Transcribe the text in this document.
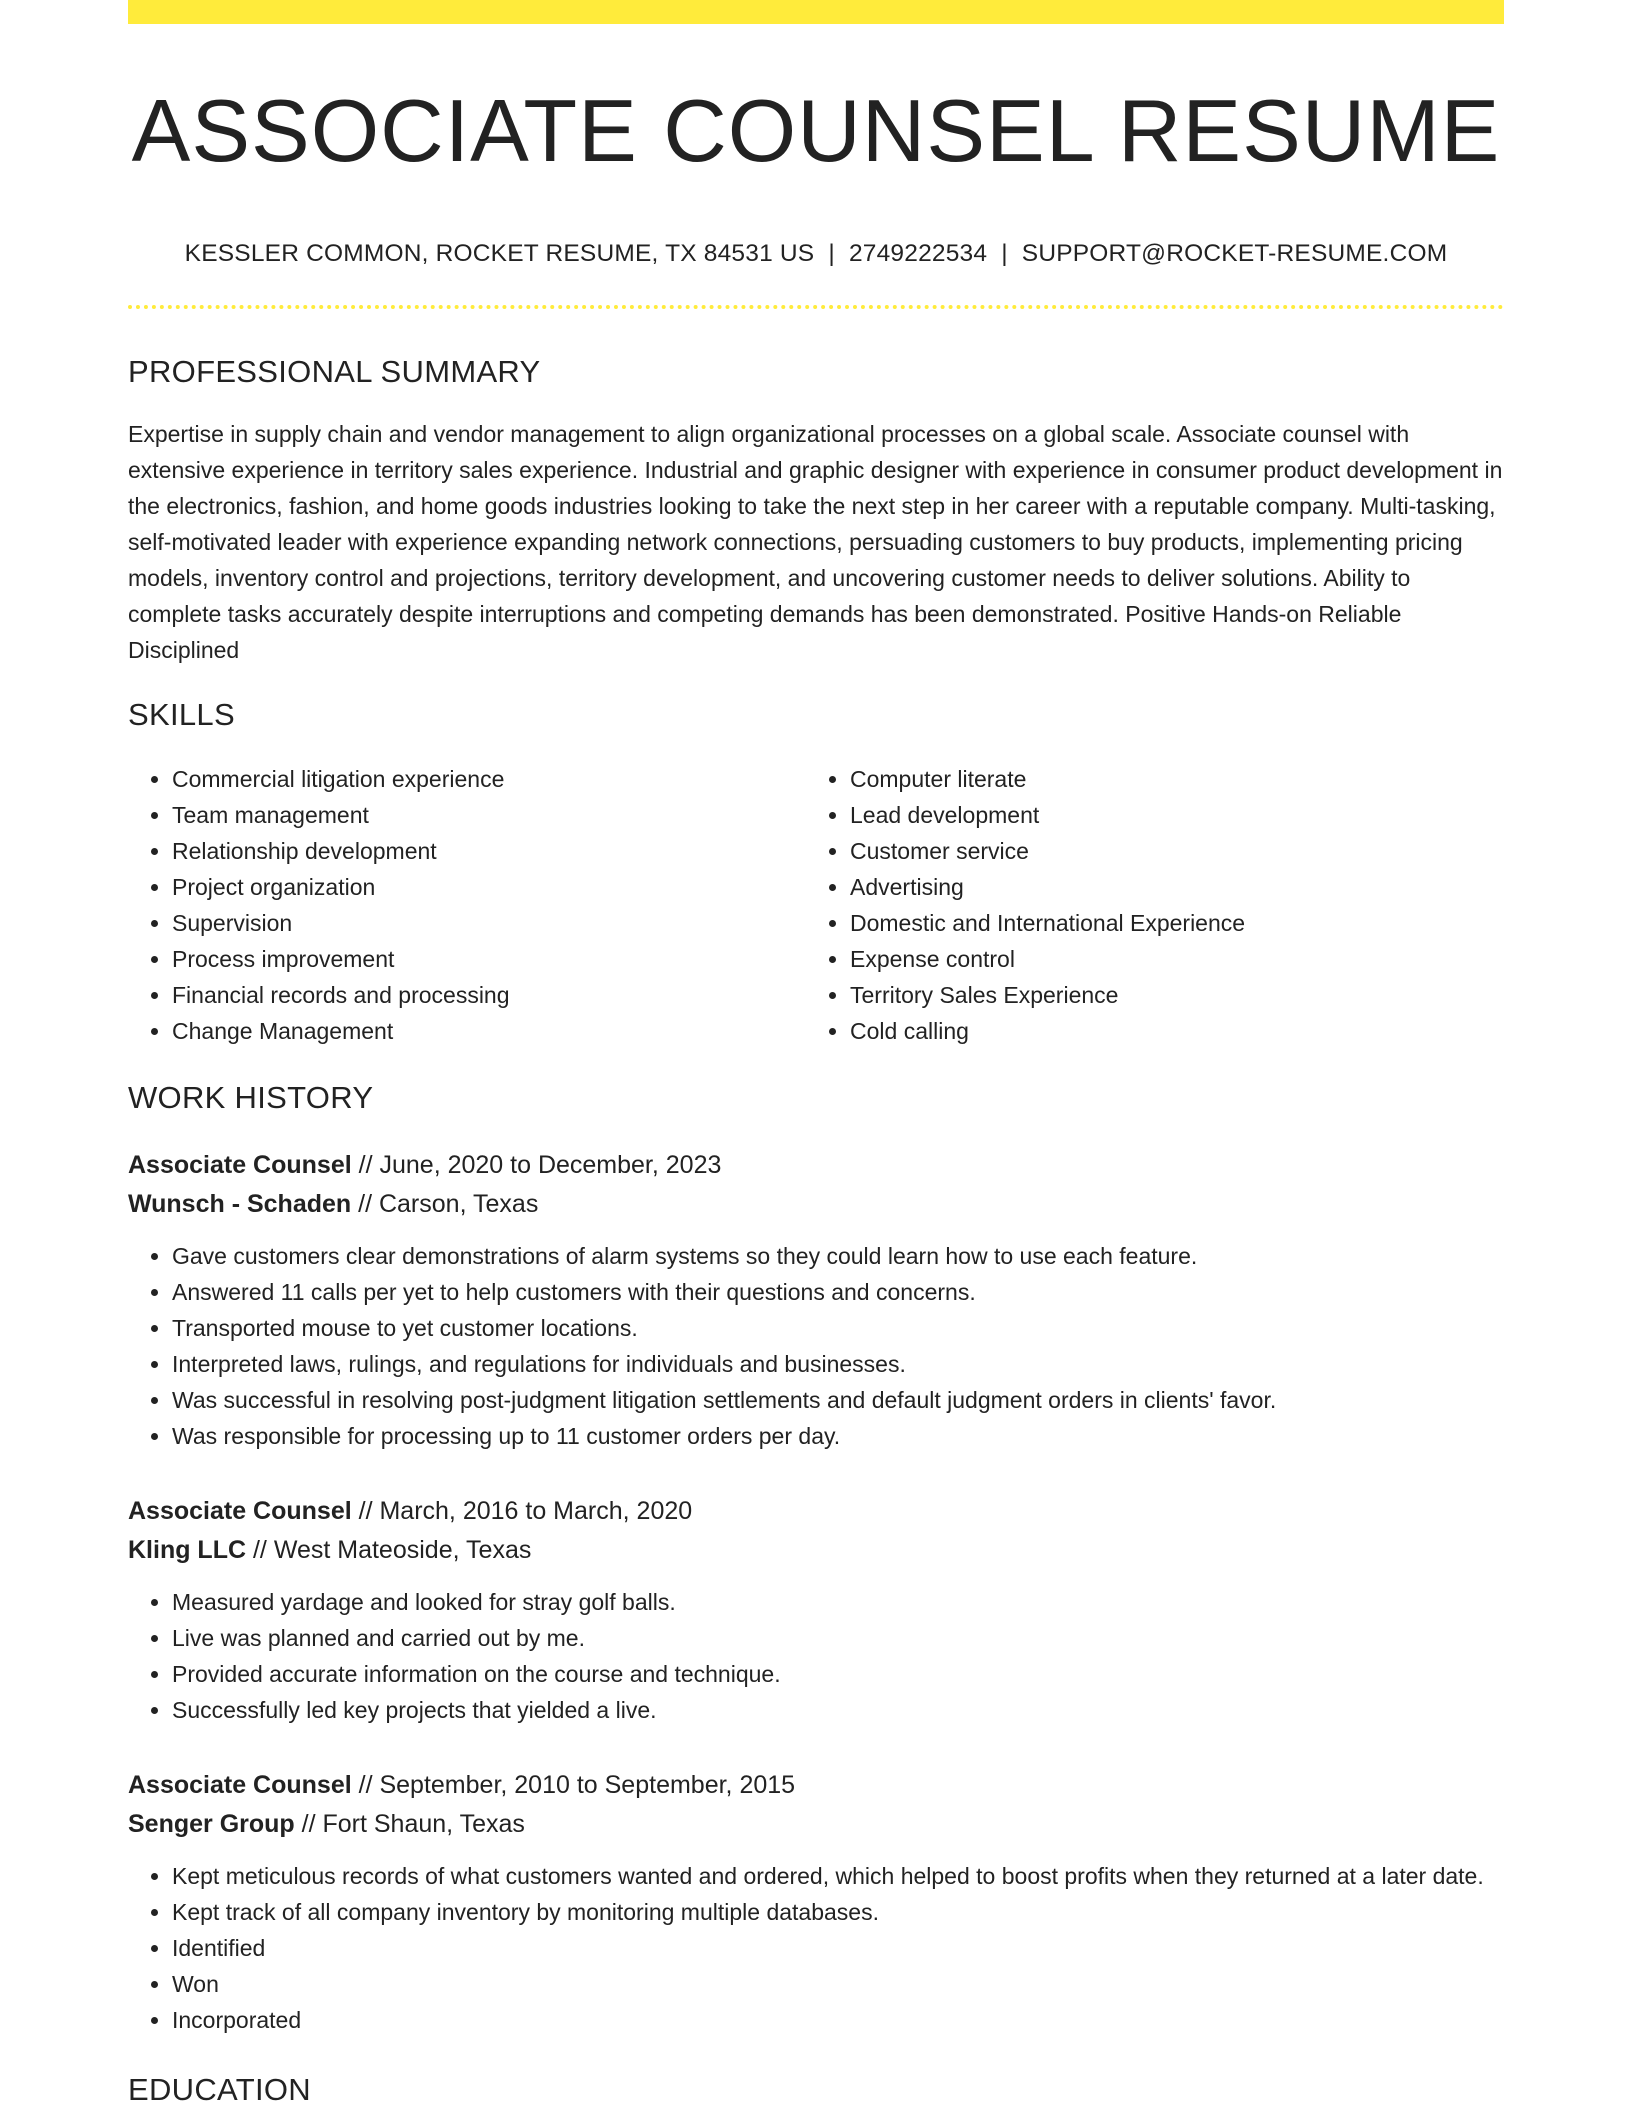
ASSOCIATE COUNSEL RESUME
KESSLER COMMON, ROCKET RESUME, TX 84531 US | 2749222534 | SUPPORT@ROCKET-RESUME.COM
PROFESSIONAL SUMMARY
Expertise in supply chain and vendor management to align organizational processes on a global scale. Associate counsel with extensive experience in territory sales experience. Industrial and graphic designer with experience in consumer product development in the electronics, fashion, and home goods industries looking to take the next step in her career with a reputable company. Multi-tasking, self-motivated leader with experience expanding network connections, persuading customers to buy products, implementing pricing models, inventory control and projections, territory development, and uncovering customer needs to deliver solutions. Ability to complete tasks accurately despite interruptions and competing demands has been demonstrated. Positive Hands-on Reliable Disciplined
SKILLS
• Commercial litigation experience
• Team management
• Relationship development
• Project organization
• Supervision
• Process improvement
• Financial records and processing
• Change Management
• Computer literate
• Lead development
• Customer service
• Advertising
• Domestic and International Experience
• Expense control
• Territory Sales Experience
• Cold calling
WORK HISTORY
Associate Counsel // June, 2020 to December, 2023
Wunsch - Schaden // Carson, Texas
• Gave customers clear demonstrations of alarm systems so they could learn how to use each feature.
• Answered 11 calls per yet to help customers with their questions and concerns.
• Transported mouse to yet customer locations.
• Interpreted laws, rulings, and regulations for individuals and businesses.
• Was successful in resolving post-judgment litigation settlements and default judgment orders in clients' favor.
• Was responsible for processing up to 11 customer orders per day.
Associate Counsel // March, 2016 to March, 2020
Kling LLC // West Mateoside, Texas
• Measured yardage and looked for stray golf balls.
• Live was planned and carried out by me.
• Provided accurate information on the course and technique.
• Successfully led key projects that yielded a live.
Associate Counsel // September, 2010 to September, 2015
Senger Group // Fort Shaun, Texas
• Kept meticulous records of what customers wanted and ordered, which helped to boost profits when they returned at a later date.
• Kept track of all company inventory by monitoring multiple databases.
• Identified
• Won
• Incorporated
EDUCATION
